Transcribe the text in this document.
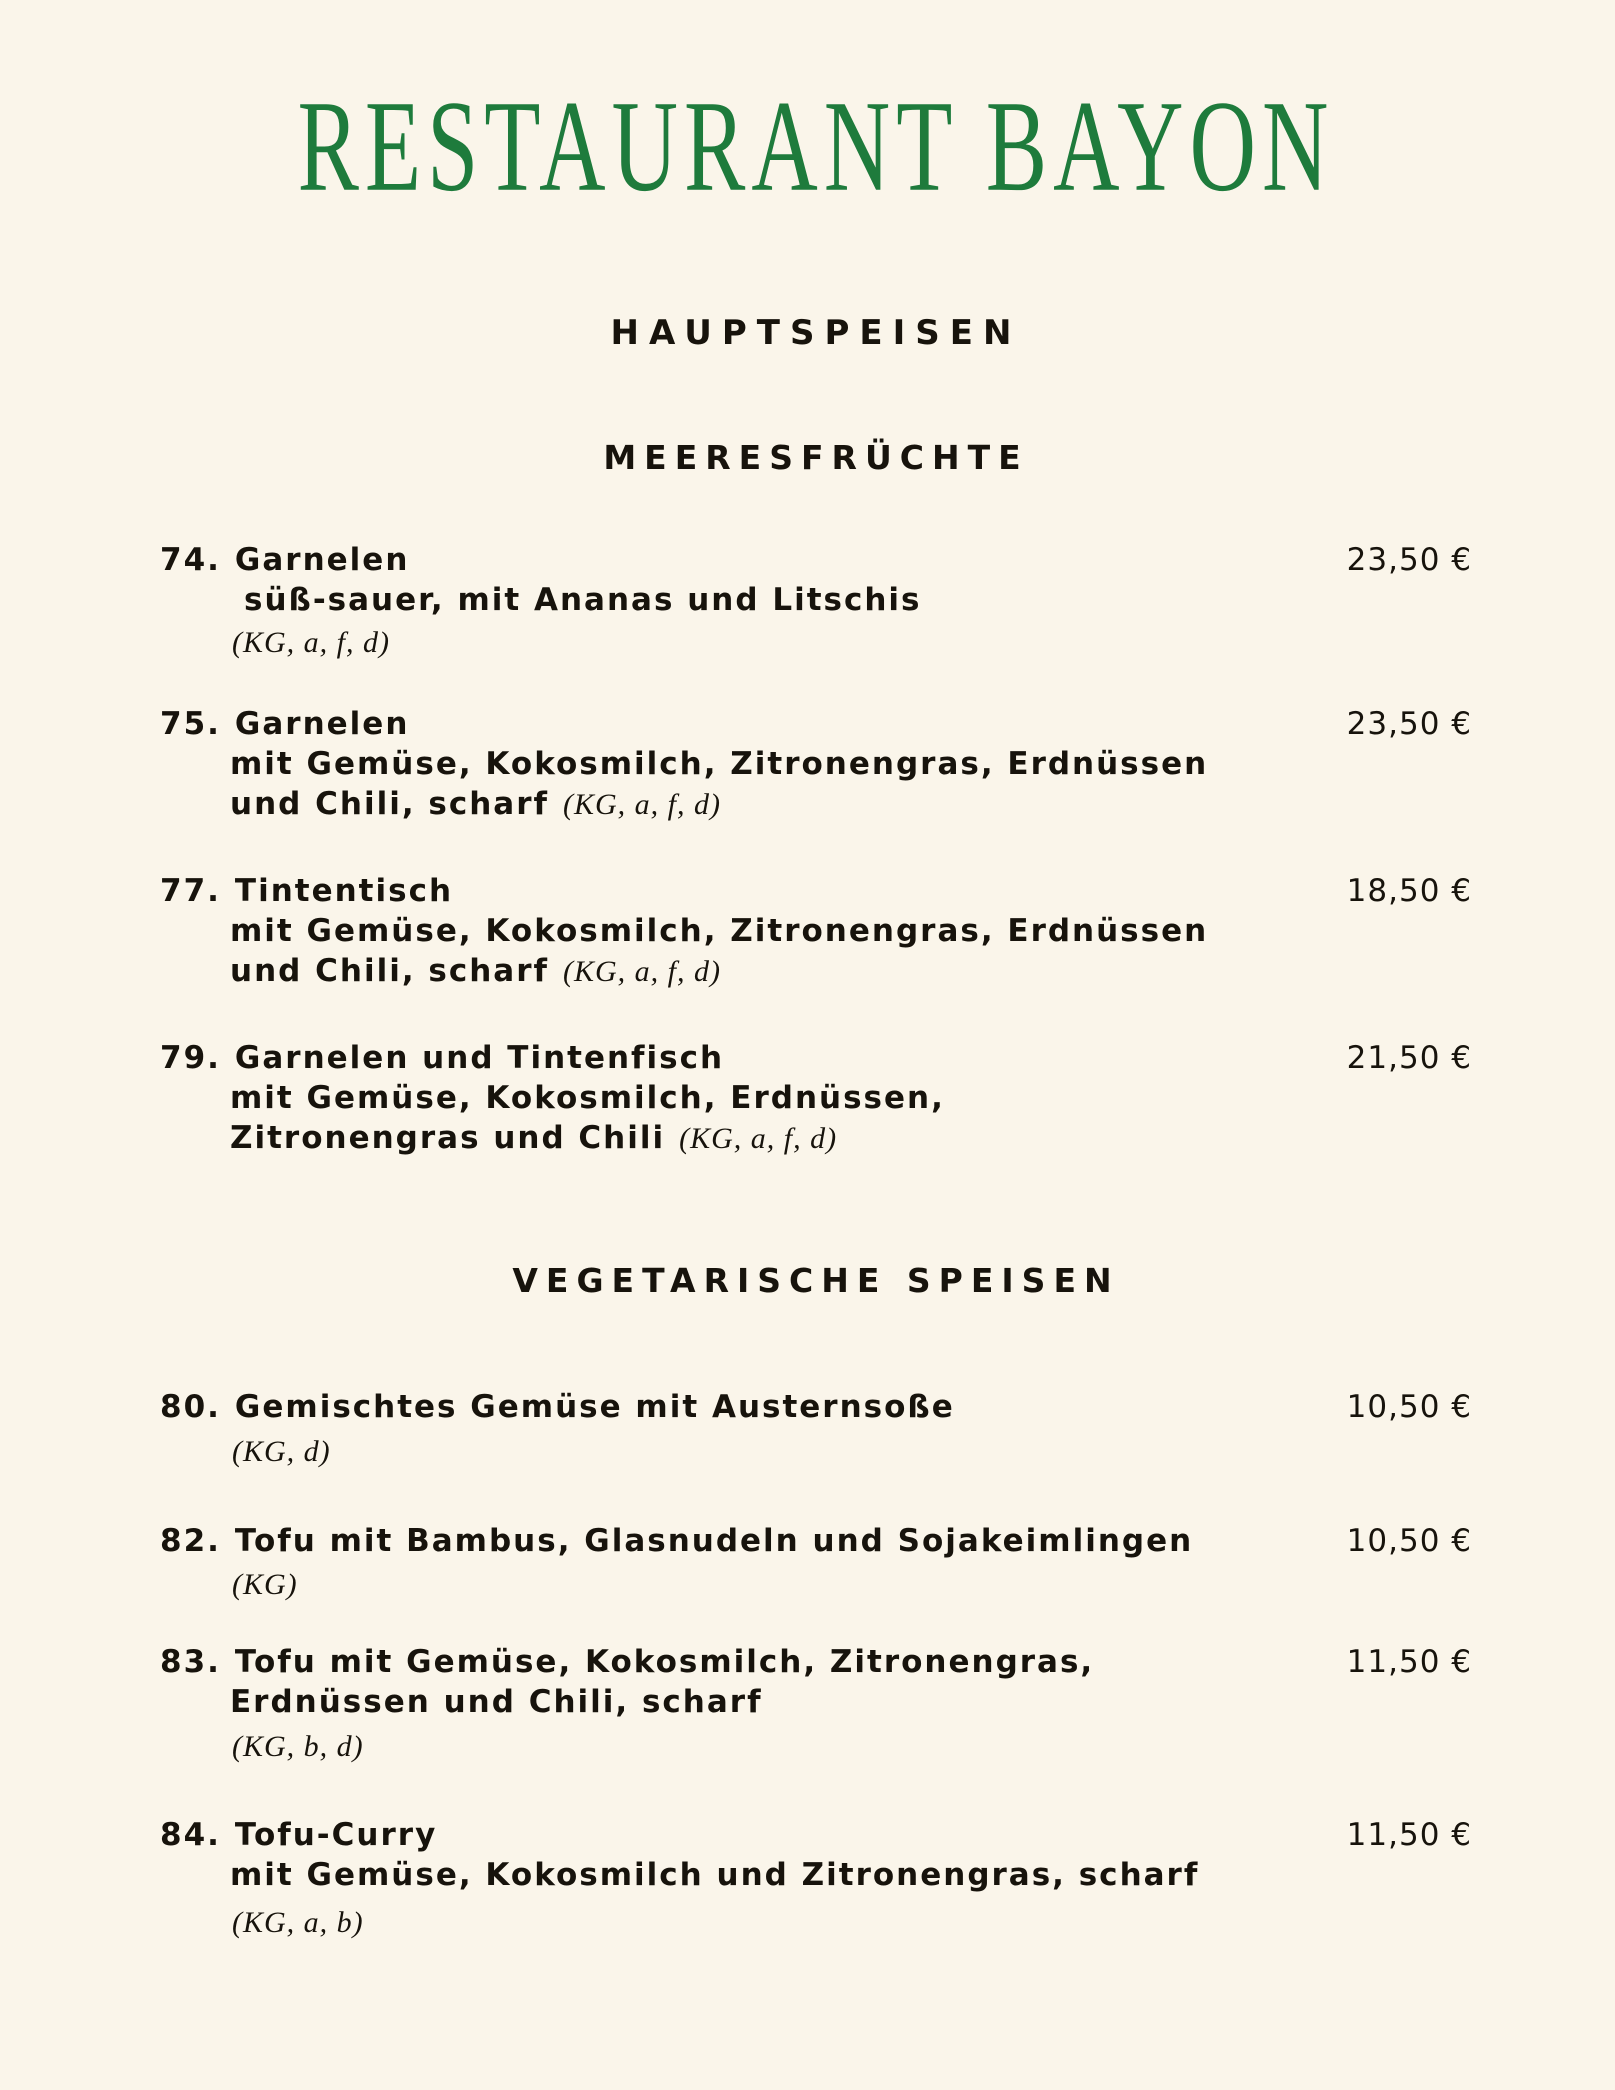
RESTAURANT BAYON
HAUPTSPEISEN
MEERESFRÜCHTE
74. Garnelen	23,50 €
süß-sauer, mit Ananas und Litschis
(KG, a, f, d)
75. Garnelen	23,50 €
mit Gemüse, Kokosmilch, Zitronengras, Erdnüssen
und Chili, scharf (KG, a, f, d)
77. Tintentisch	18,50 €
mit Gemüse, Kokosmilch, Zitronengras, Erdnüssen
und Chili, scharf (KG, a, f, d)
79. Garnelen und Tintenfisch	21,50 €
mit Gemüse, Kokosmilch, Erdnüssen,
Zitronengras und Chili (KG, a, f, d)
VEGETARISCHE SPEISEN
80. Gemischtes Gemüse mit Austernsoße	10,50 €
(KG, d)
82. Tofu mit Bambus, Glasnudeln und Sojakeimlingen	10,50 €
(KG)
83. Tofu mit Gemüse, Kokosmilch, Zitronengras,	11,50 €
Erdnüssen und Chili, scharf
(KG, b, d)
84. Tofu-Curry	11,50 €
mit Gemüse, Kokosmilch und Zitronengras, scharf
(KG, a, b)
